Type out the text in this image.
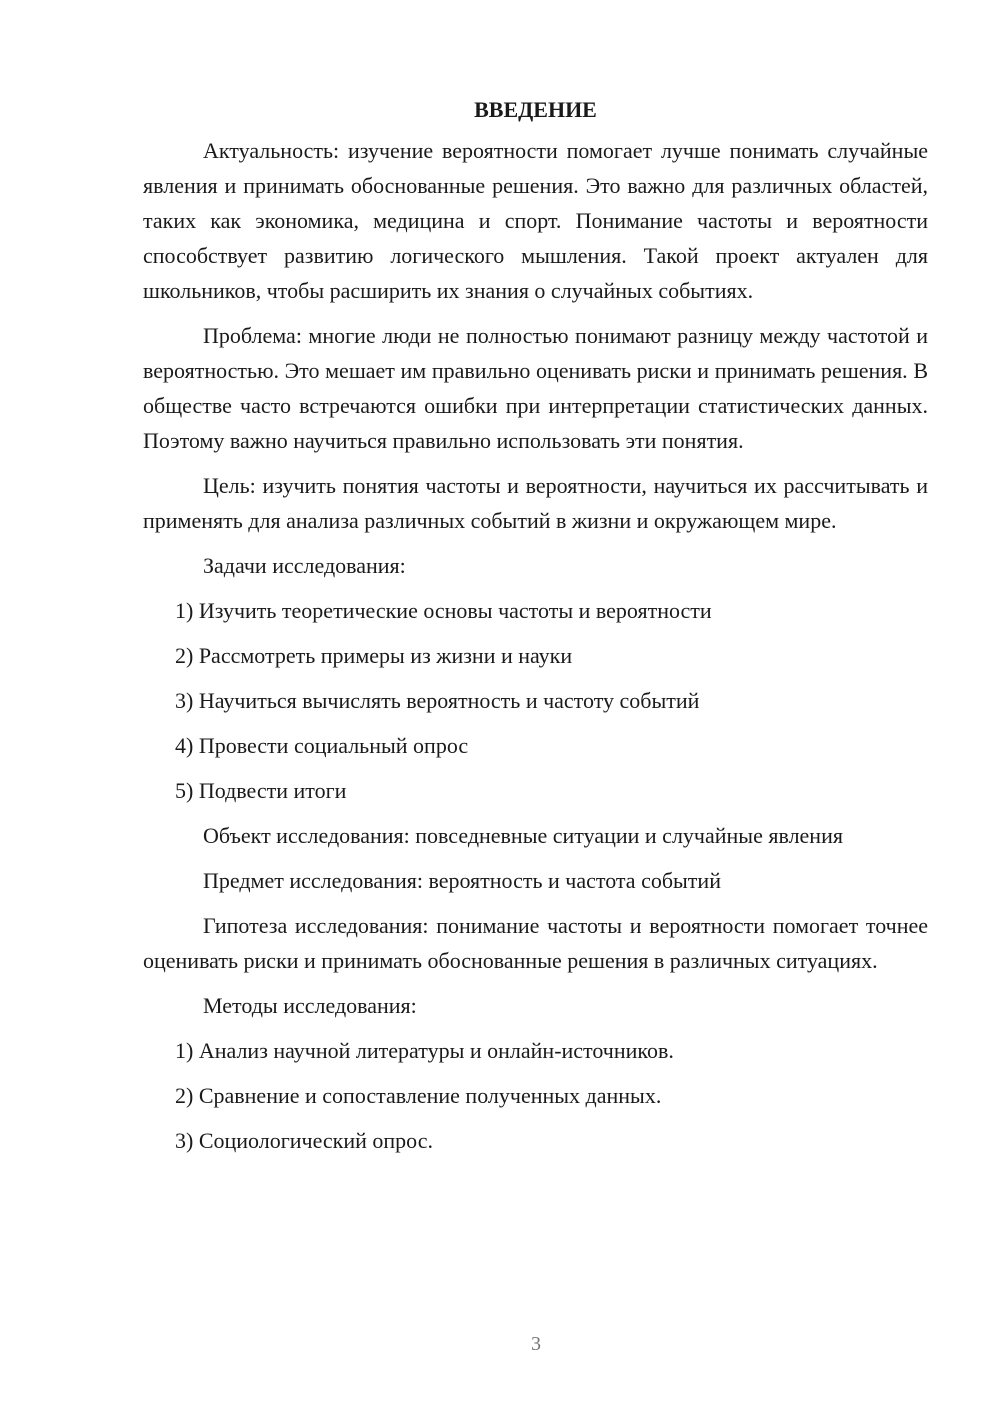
ВВЕДЕНИЕ

Актуальность: изучение вероятности помогает лучше понимать случайные явления и принимать обоснованные решения. Это важно для различных областей, таких как экономика, медицина и спорт. Понимание частоты и вероятности способствует развитию логического мышления. Такой проект актуален для школьников, чтобы расширить их знания о случайных событиях.

Проблема: многие люди не полностью понимают разницу между частотой и вероятностью. Это мешает им правильно оценивать риски и принимать решения. В обществе часто встречаются ошибки при интерпретации статистических данных. Поэтому важно научиться правильно использовать эти понятия.

Цель: изучить понятия частоты и вероятности, научиться их рассчитывать и применять для анализа различных событий в жизни и окружающем мире.

Задачи исследования:

1) Изучить теоретические основы частоты и вероятности

2) Рассмотреть примеры из жизни и науки

3) Научиться вычислять вероятность и частоту событий

4) Провести социальный опрос

5) Подвести итоги

Объект исследования: повседневные ситуации и случайные явления

Предмет исследования: вероятность и частота событий

Гипотеза исследования: понимание частоты и вероятности помогает точнее оценивать риски и принимать обоснованные решения в различных ситуациях.

Методы исследования:

1) Анализ научной литературы и онлайн-источников.

2) Сравнение и сопоставление полученных данных.

3) Социологический опрос.

3
